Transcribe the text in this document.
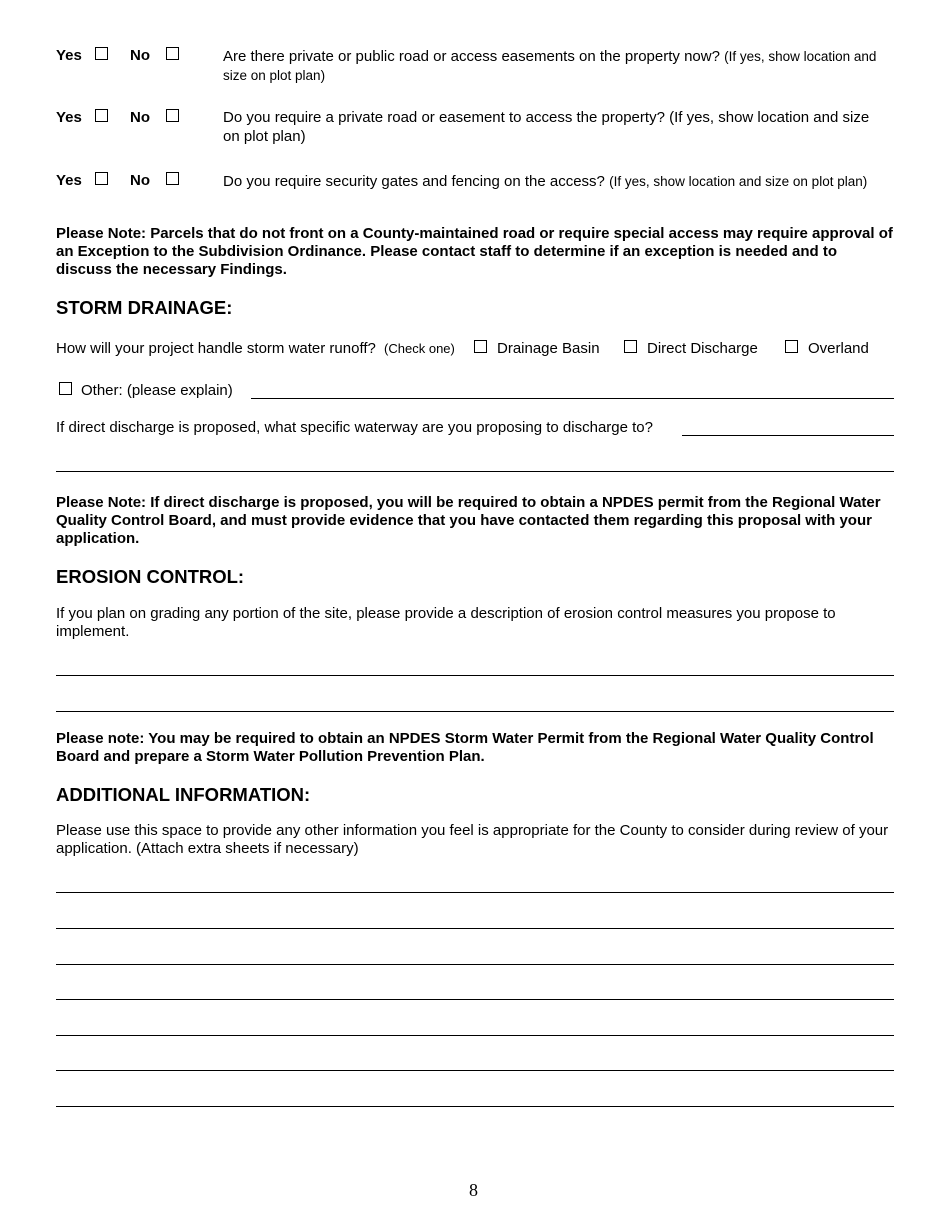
Yes	No	Are there private or public road or access easements on the property now? (If yes, show location and size on plot plan)
Yes	No	Do you require a private road or easement to access the property? (If yes, show location and size on plot plan)
Yes	No	Do you require security gates and fencing on the access? (If yes, show location and size on plot plan)
Please Note: Parcels that do not front on a County-maintained road or require special access may require approval of an Exception to the Subdivision Ordinance. Please contact staff to determine if an exception is needed and to discuss the necessary Findings.
STORM DRAINAGE:
How will your project handle storm water runoff? (Check one)	Drainage Basin	Direct Discharge	Overland
Other: (please explain)
If direct discharge is proposed, what specific waterway are you proposing to discharge to?
Please Note: If direct discharge is proposed, you will be required to obtain a NPDES permit from the Regional Water Quality Control Board, and must provide evidence that you have contacted them regarding this proposal with your application.
EROSION CONTROL:
If you plan on grading any portion of the site, please provide a description of erosion control measures you propose to implement.
Please note: You may be required to obtain an NPDES Storm Water Permit from the Regional Water Quality Control Board and prepare a Storm Water Pollution Prevention Plan.
ADDITIONAL INFORMATION:
Please use this space to provide any other information you feel is appropriate for the County to consider during review of your application. (Attach extra sheets if necessary)
8
